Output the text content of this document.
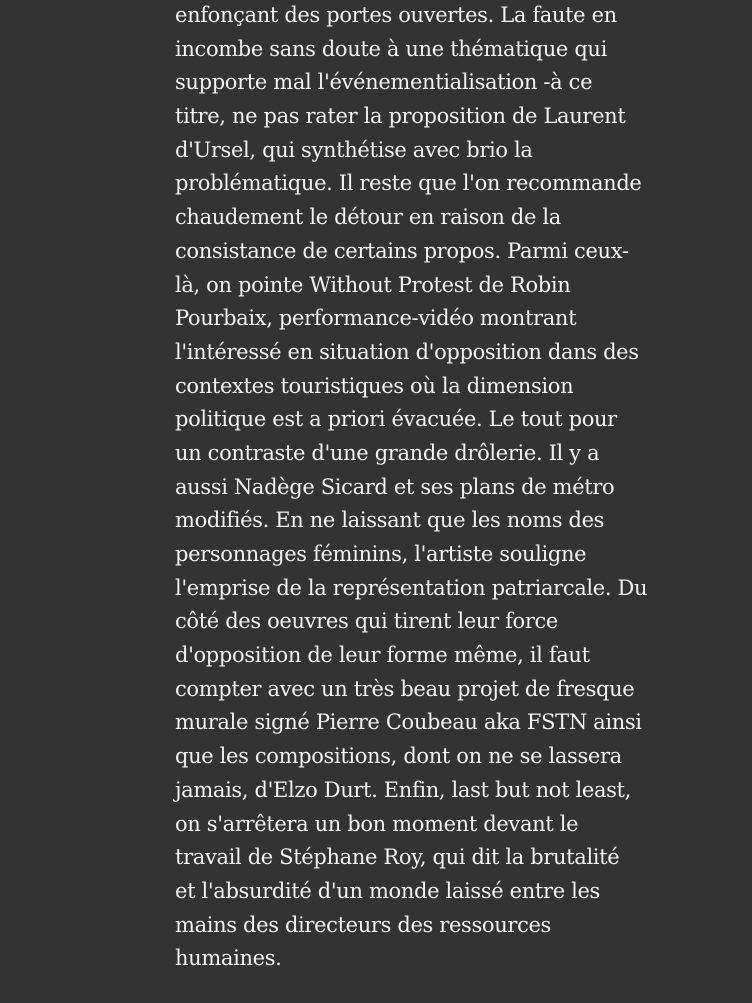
enfonçant des portes ouvertes. La faute en
incombe sans doute à une thématique qui
supporte mal l'événementialisation -à ce
titre, ne pas rater la proposition de Laurent
d'Ursel, qui synthétise avec brio la
problématique. Il reste que l'on recommande
chaudement le détour en raison de la
consistance de certains propos. Parmi ceux-
là, on pointe Without Protest de Robin
Pourbaix, performance-vidéo montrant
l'intéressé en situation d'opposition dans des
contextes touristiques où la dimension
politique est a priori évacuée. Le tout pour
un contraste d'une grande drôlerie. Il y a
aussi Nadège Sicard et ses plans de métro
modifiés. En ne laissant que les noms des
personnages féminins, l'artiste souligne
l'emprise de la représentation patriarcale. Du
côté des oeuvres qui tirent leur force
d'opposition de leur forme même, il faut
compter avec un très beau projet de fresque
murale signé Pierre Coubeau aka FSTN ainsi
que les compositions, dont on ne se lassera
jamais, d'Elzo Durt. Enfin, last but not least,
on s'arrêtera un bon moment devant le
travail de Stéphane Roy, qui dit la brutalité
et l'absurdité d'un monde laissé entre les
mains des directeurs des ressources
humaines.
